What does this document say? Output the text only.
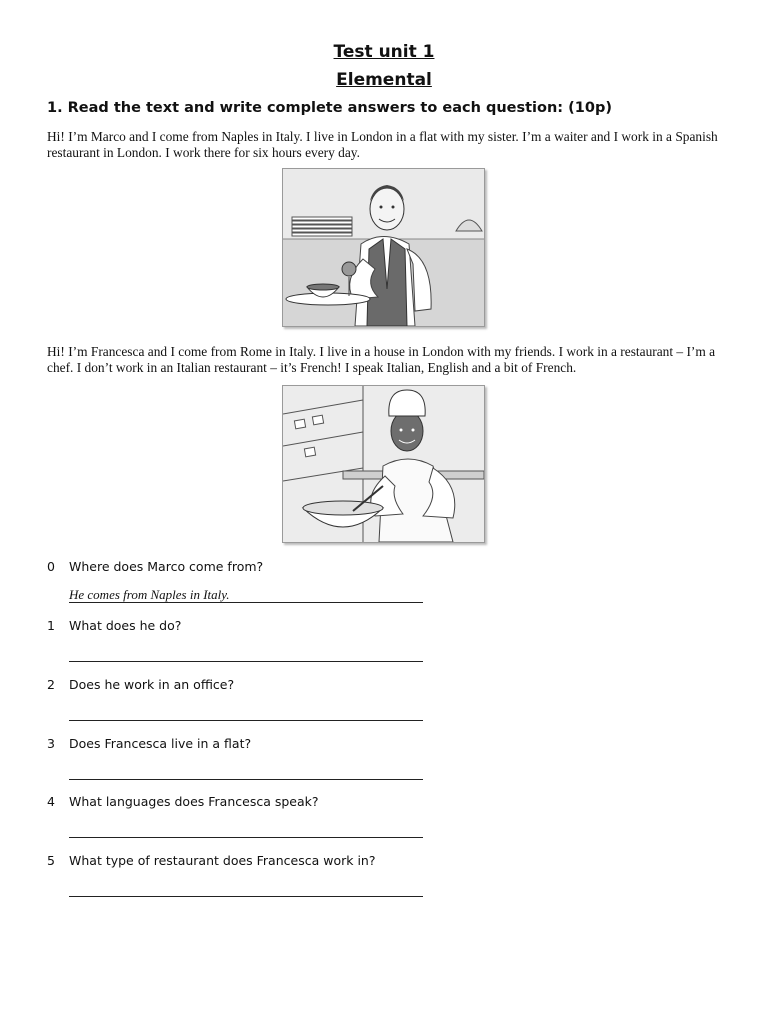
Test unit 1
Elemental
1. Read the text and write complete answers to each question: (10p)
Hi! I’m Marco and I come from Naples in Italy. I live in London in a flat with my sister. I’m a waiter and I work in a Spanish restaurant in London. I work there for six hours every day.
Hi! I’m Francesca and I come from Rome in Italy. I live in a house in London with my friends. I work in a restaurant – I’m a chef. I don’t work in an Italian restaurant – it’s French! I speak Italian, English and a bit of French.
0 Where does Marco come from?
He comes from Naples in Italy.
1 What does he do?
2 Does he work in an office?
3 Does Francesca live in a flat?
4 What languages does Francesca speak?
5 What type of restaurant does Francesca work in?
